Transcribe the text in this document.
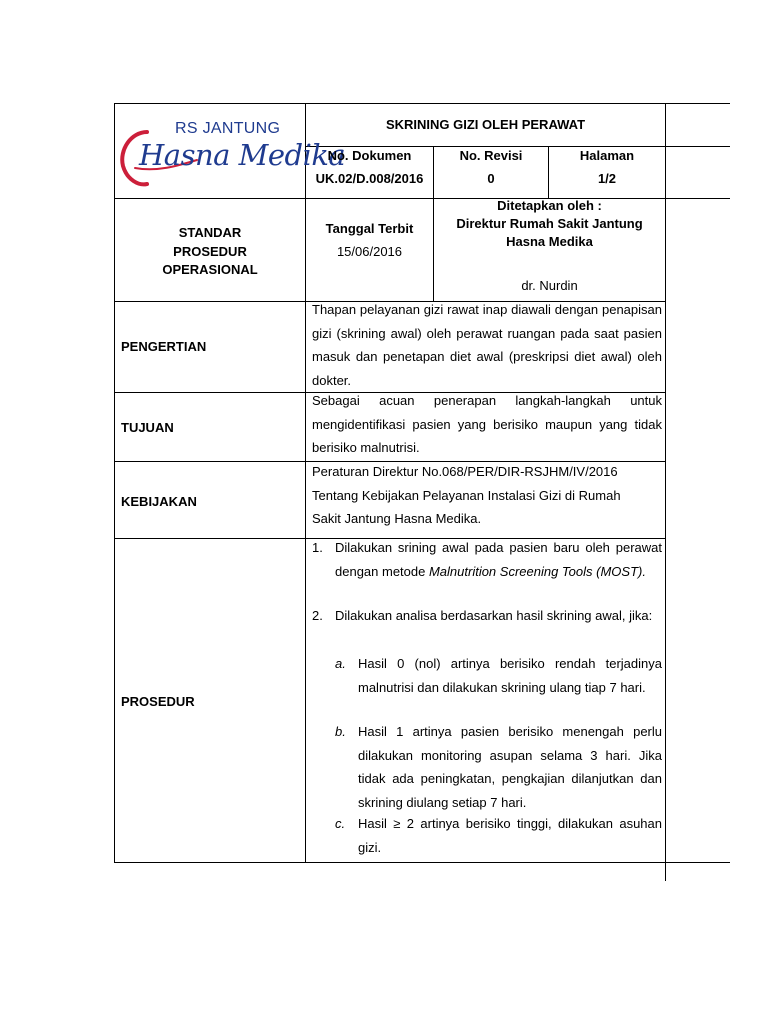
RS JANTUNG
Hasna Medika
SKRINING GIZI OLEH PERAWAT
No. Dokumen
UK.02/D.008/2016
No. Revisi
0
Halaman
1/2
STANDAR
PROSEDUR
OPERASIONAL
Tanggal Terbit
15/06/2016
Ditetapkan oleh :
Direktur Rumah Sakit Jantung
Hasna Medika
dr. Nurdin
PENGERTIAN
Thapan pelayanan gizi rawat inap diawali dengan penapisan gizi (skrining awal) oleh perawat ruangan pada saat pasien masuk dan penetapan diet awal (preskripsi diet awal) oleh dokter.
TUJUAN
Sebagai acuan penerapan langkah-langkah untuk mengidentifikasi pasien yang berisiko maupun yang tidak berisiko malnutrisi.
KEBIJAKAN
Peraturan Direktur No.068/PER/DIR-RSJHM/IV/2016
Tentang Kebijakan Pelayanan Instalasi Gizi di Rumah
Sakit Jantung Hasna Medika.
PROSEDUR
1. Dilakukan srining awal pada pasien baru oleh perawat dengan metode Malnutrition Screening Tools (MOST).
2. Dilakukan analisa berdasarkan hasil skrining awal, jika:
a. Hasil 0 (nol) artinya berisiko rendah terjadinya malnutrisi dan dilakukan skrining ulang tiap 7 hari.
b. Hasil 1 artinya pasien berisiko menengah perlu dilakukan monitoring asupan selama 3 hari. Jika tidak ada peningkatan, pengkajian dilanjutkan dan skrining diulang setiap 7 hari.
c. Hasil ≥ 2 artinya berisiko tinggi, dilakukan asuhan gizi.
